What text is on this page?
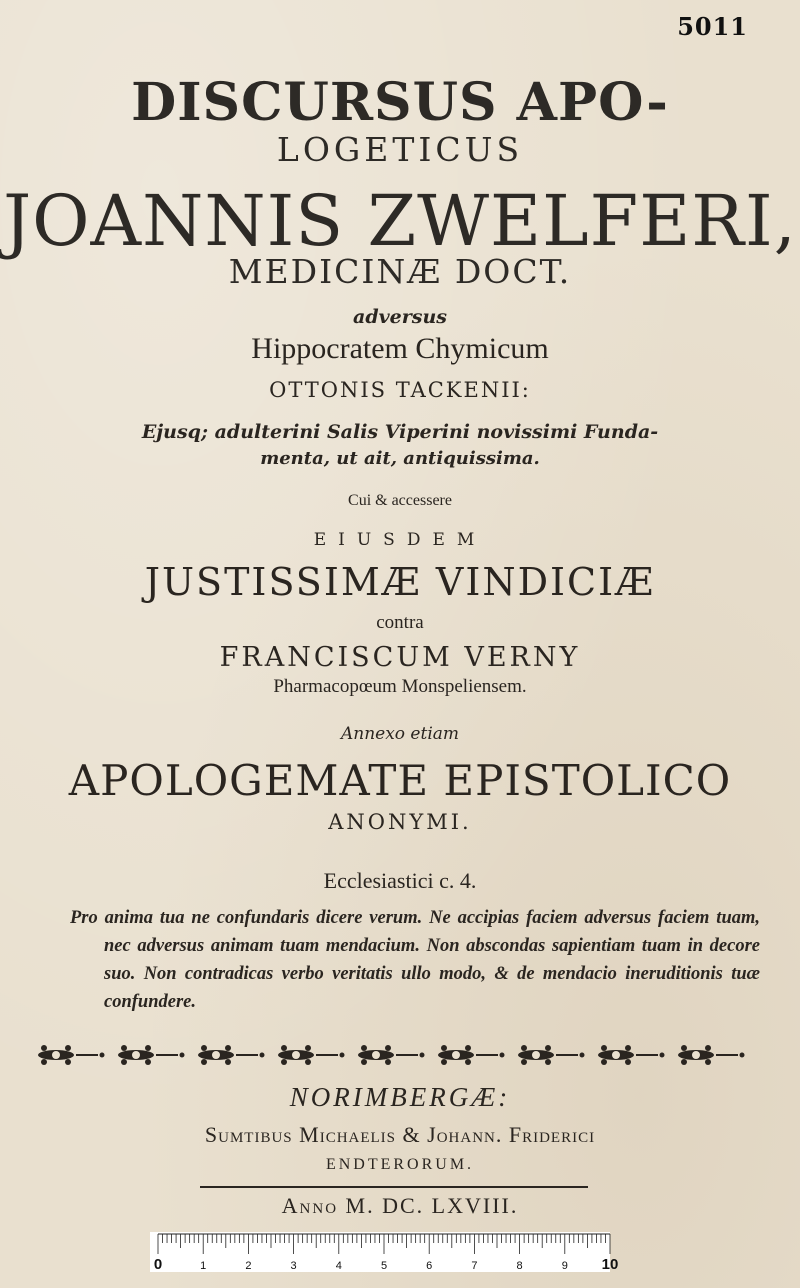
5011
DISCURSUS APO-
LOGETICUS
JOANNIS ZWELFERI,
MEDICINÆ DOCT.
adversus
Hippocratem Chymicum
OTTONIS TACKENII:
Ejusq; adulterini Salis Viperini novissimi Funda-
menta, ut ait, antiquissima.
Cui & accessere
EIUSDEM
JUSTISSIMÆ VINDICIÆ
contra
FRANCISCUM VERNY
Pharmacopœum Monspeliensem.
Annexo etiam
APOLOGEMATE EPISTOLICO
ANONYMI.
Ecclesiastici c. 4.
Pro anima tua ne confundaris dicere verum. Ne accipias faciem adversus faciem tuam, nec adversus animam tuam mendacium. Non abscondas sapientiam tuam in decore suo. Non contradicas verbo veritatis ullo modo, & de mendacio ineruditionis tuæ confundere.
NORIMBERGÆ:
Sumtibus Michaelis & Johann. Friderici
ENDTERORUM.
Anno M. DC. LXVIII.
0	1	2	3	4	5	6	7	8	9 10
